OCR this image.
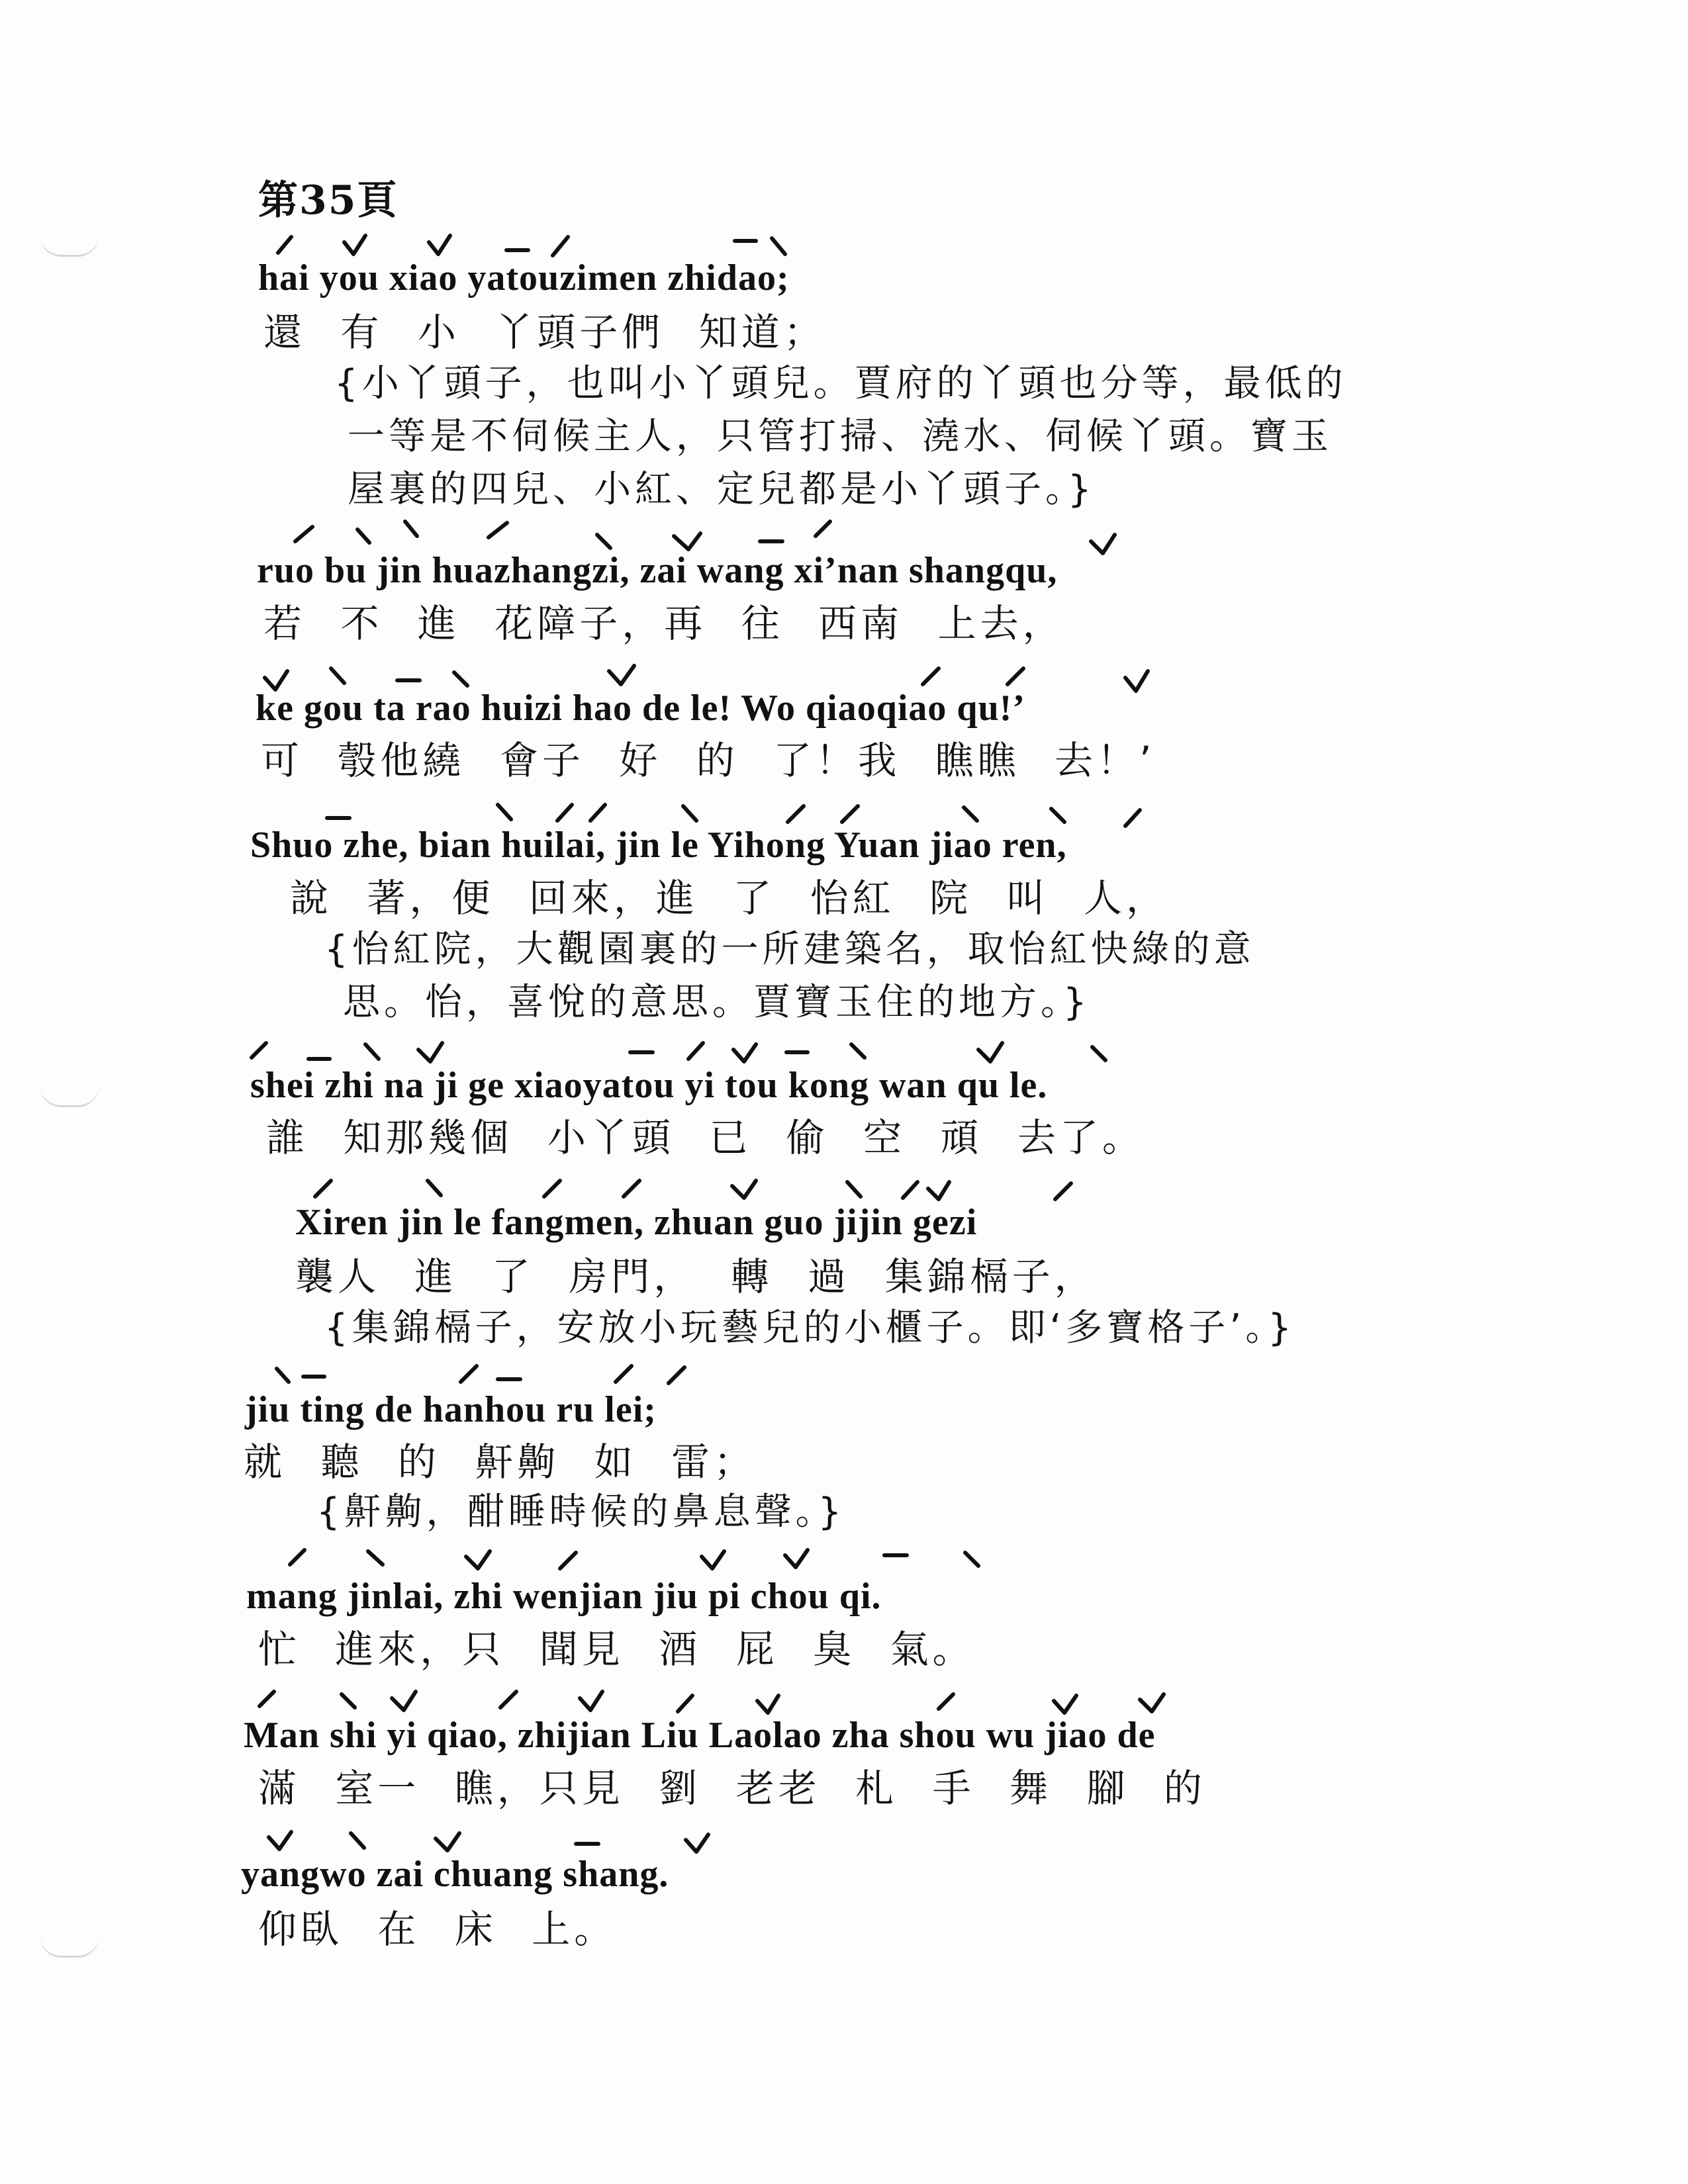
第35頁
hai you xiao yatouzimen zhidao;
還 有 小 丫頭子們 知道；
{小丫頭子，也叫小丫頭兒。賈府的丫頭也分等，最低的
一等是不伺候主人，只管打掃、澆水、伺候丫頭。寶玉
屋裏的四兒、小紅、定兒都是小丫頭子。}
ruo bu jin huazhangzi, zai wang xi’nan shangqu,
若 不 進 花障子，再 往 西南 上去，
ke gou ta rao huizi hao de le! Wo qiaoqiao qu!’
可 彀他繞 會子 好 的 了！我 瞧瞧 去！’
Shuo zhe, bian huilai, jin le Yihong Yuan jiao ren,
說 著，便 回來，進 了 怡紅 院 叫 人，
{怡紅院，大觀園裏的一所建築名，取怡紅快綠的意
思。怡，喜悅的意思。賈寶玉住的地方。}
shei zhi na ji ge xiaoyatou yi tou kong wan qu le.
誰 知那幾個 小丫頭 已 偷 空 頑 去了。
Xiren jin le fangmen, zhuan guo jijin gezi
襲人 進 了 房門， 轉 過 集錦槅子，
{集錦槅子，安放小玩藝兒的小櫃子。即‘多寶格子’。}
jiu ting de hanhou ru lei;
就 聽 的 鼾齁 如 雷；
{鼾齁，酣睡時候的鼻息聲。}
mang jinlai, zhi wenjian jiu pi chou qi.
忙 進來，只 聞見 酒 屁 臭 氣。
Man shi yi qiao, zhijian Liu Laolao zha shou wu jiao de
滿 室一 瞧，只見 劉 老老 札 手 舞 腳 的
yangwo zai chuang shang.
仰臥 在 床 上。
